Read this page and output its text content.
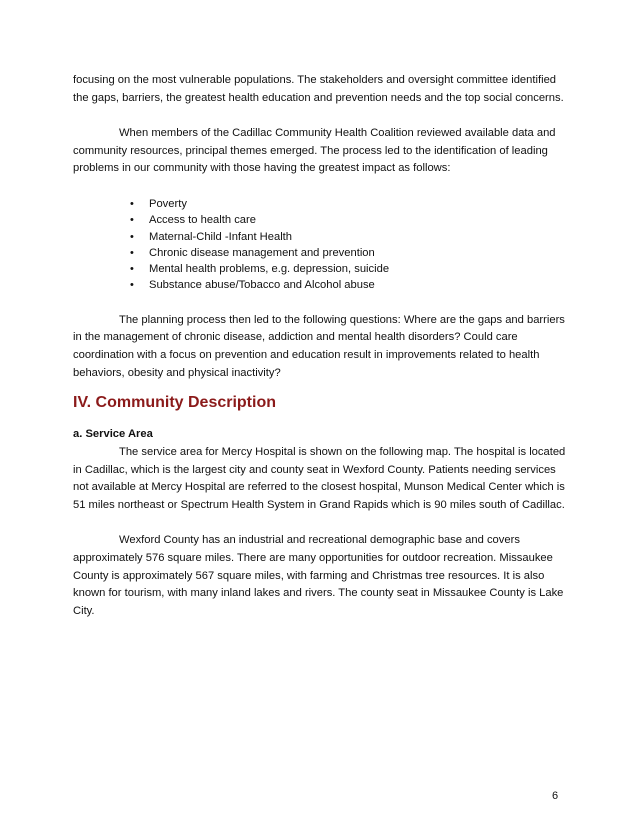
focusing on the most vulnerable populations. The stakeholders and oversight committee identified the gaps, barriers, the greatest health education and prevention needs and the top social concerns.

When members of the Cadillac Community Health Coalition reviewed available data and community resources, principal themes emerged. The process led to the identification of leading problems in our community with those having the greatest impact as follows:

• Poverty
• Access to health care
• Maternal-Child -Infant Health
• Chronic disease management and prevention
• Mental health problems, e.g. depression, suicide
• Substance abuse/Tobacco and Alcohol abuse

The planning process then led to the following questions: Where are the gaps and barriers in the management of chronic disease, addiction and mental health disorders? Could care coordination with a focus on prevention and education result in improvements related to health behaviors, obesity and physical inactivity?

IV. Community Description

a. Service Area

The service area for Mercy Hospital is shown on the following map. The hospital is located in Cadillac, which is the largest city and county seat in Wexford County. Patients needing services not available at Mercy Hospital are referred to the closest hospital, Munson Medical Center which is 51 miles northeast or Spectrum Health System in Grand Rapids which is 90 miles south of Cadillac.

Wexford County has an industrial and recreational demographic base and covers approximately 576 square miles. There are many opportunities for outdoor recreation. Missaukee County is approximately 567 square miles, with farming and Christmas tree resources. It is also known for tourism, with many inland lakes and rivers. The county seat in Missaukee County is Lake City.

6
